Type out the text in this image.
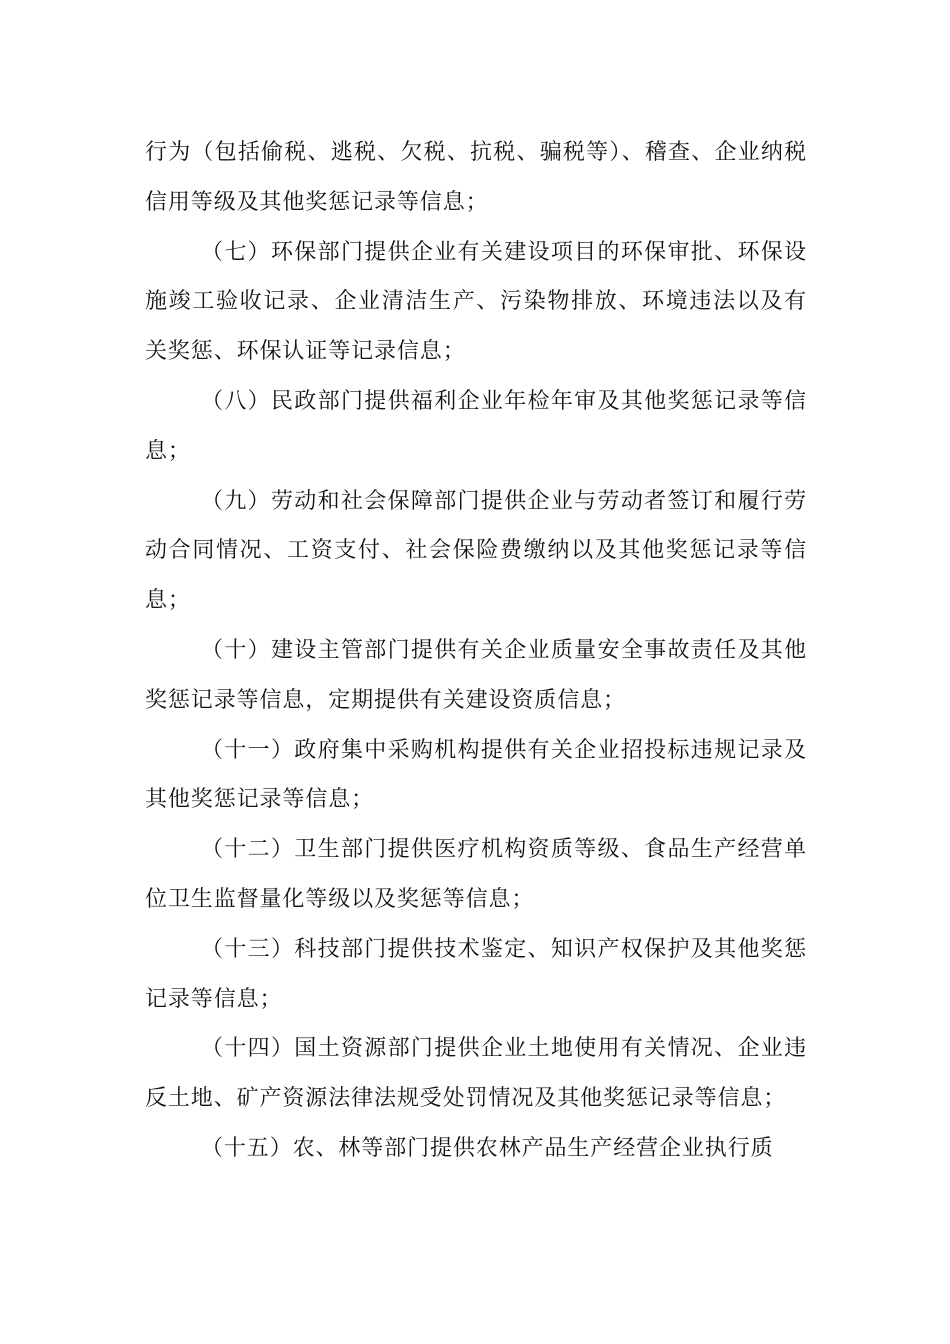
行为（包括偷税、逃税、欠税、抗税、骗税等）、稽查、企业纳税信用等级及其他奖惩记录等信息；

（七）环保部门提供企业有关建设项目的环保审批、环保设施竣工验收记录、企业清洁生产、污染物排放、环境违法以及有关奖惩、环保认证等记录信息；

（八）民政部门提供福利企业年检年审及其他奖惩记录等信息；

（九）劳动和社会保障部门提供企业与劳动者签订和履行劳动合同情况、工资支付、社会保险费缴纳以及其他奖惩记录等信息；

（十）建设主管部门提供有关企业质量安全事故责任及其他奖惩记录等信息，定期提供有关建设资质信息；

（十一）政府集中采购机构提供有关企业招投标违规记录及其他奖惩记录等信息；

（十二）卫生部门提供医疗机构资质等级、食品生产经营单位卫生监督量化等级以及奖惩等信息；

（十三）科技部门提供技术鉴定、知识产权保护及其他奖惩记录等信息；

（十四）国土资源部门提供企业土地使用有关情况、企业违反土地、矿产资源法律法规受处罚情况及其他奖惩记录等信息；

（十五）农、林等部门提供农林产品生产经营企业执行质
